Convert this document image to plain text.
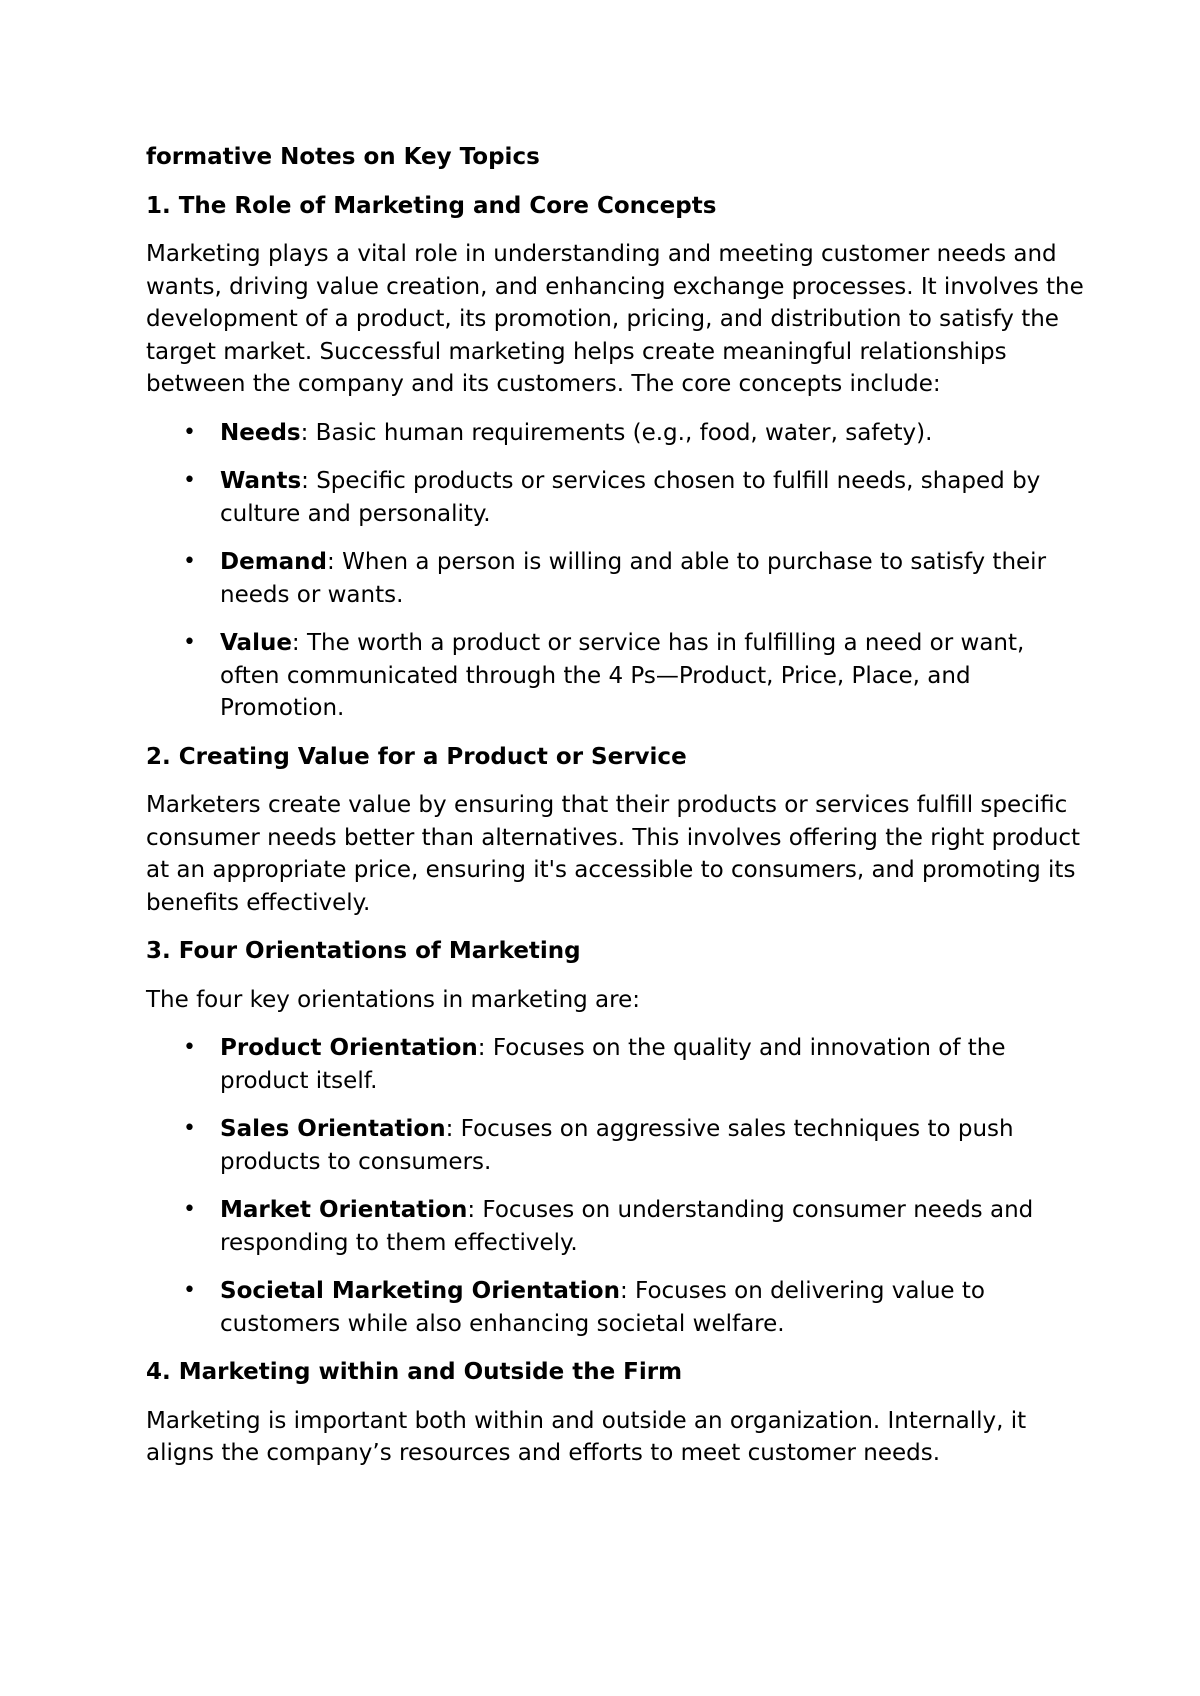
formative Notes on Key Topics

1. The Role of Marketing and Core Concepts

Marketing plays a vital role in understanding and meeting customer needs and wants, driving value creation, and enhancing exchange processes. It involves the development of a product, its promotion, pricing, and distribution to satisfy the target market. Successful marketing helps create meaningful relationships between the company and its customers. The core concepts include:

• Needs: Basic human requirements (e.g., food, water, safety).
• Wants: Specific products or services chosen to fulfill needs, shaped by culture and personality.
• Demand: When a person is willing and able to purchase to satisfy their needs or wants.
• Value: The worth a product or service has in fulfilling a need or want, often communicated through the 4 Ps—Product, Price, Place, and Promotion.

2. Creating Value for a Product or Service

Marketers create value by ensuring that their products or services fulfill specific consumer needs better than alternatives. This involves offering the right product at an appropriate price, ensuring it's accessible to consumers, and promoting its benefits effectively.

3. Four Orientations of Marketing

The four key orientations in marketing are:

• Product Orientation: Focuses on the quality and innovation of the product itself.
• Sales Orientation: Focuses on aggressive sales techniques to push products to consumers.
• Market Orientation: Focuses on understanding consumer needs and responding to them effectively.
• Societal Marketing Orientation: Focuses on delivering value to customers while also enhancing societal welfare.

4. Marketing within and Outside the Firm

Marketing is important both within and outside an organization. Internally, it aligns the company’s resources and efforts to meet customer needs.
